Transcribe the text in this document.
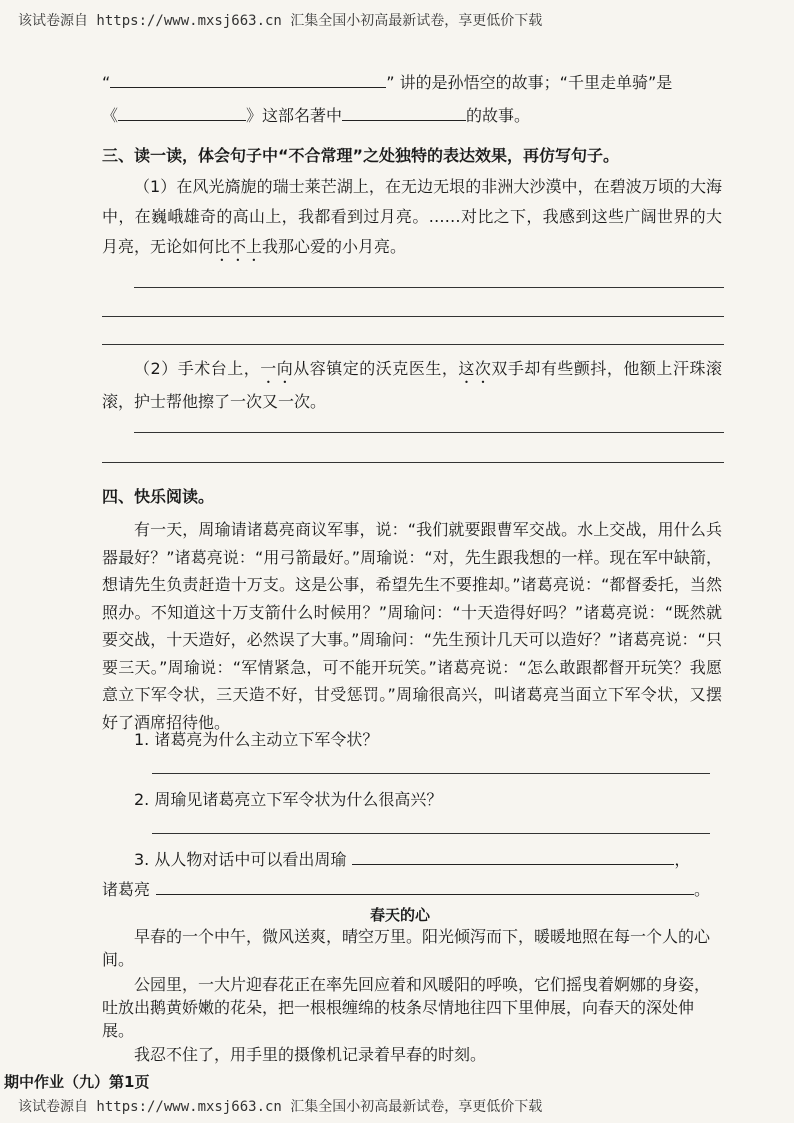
该试卷源自 https://www.mxsj663.cn 汇集全国小初高最新试卷，享更低价下载
“	” 讲的是孙悟空的故事；“千里走单骑”是
《	》这部名著中	的故事。
三、读一读，体会句子中“不合常理”之处独特的表达效果，再仿写句子。
（1）在风光旖旎的瑞士莱芒湖上，在无边无垠的非洲大沙漠中，在碧波万顷的大海中，在巍峨雄奇的高山上，我都看到过月亮。……对比之下，我感到这些广阔世界的大月亮，无论如何比不上我那心爱的小月亮。
（2）手术台上，一向从容镇定的沃克医生，这次双手却有些颤抖，他额上汗珠滚滚，护士帮他擦了一次又一次。
四、快乐阅读。
有一天，周瑜请诸葛亮商议军事，说：“我们就要跟曹军交战。水上交战，用什么兵器最好？”诸葛亮说：“用弓箭最好。”周瑜说：“对，先生跟我想的一样。现在军中缺箭，想请先生负责赶造十万支。这是公事，希望先生不要推却。”诸葛亮说：“都督委托，当然照办。不知道这十万支箭什么时候用？”周瑜问：“十天造得好吗？”诸葛亮说：“既然就要交战，十天造好，必然误了大事。”周瑜问：“先生预计几天可以造好？”诸葛亮说：“只要三天。”周瑜说：“军情紧急，可不能开玩笑。”诸葛亮说：“怎么敢跟都督开玩笑？我愿意立下军令状，三天造不好，甘受惩罚。”周瑜很高兴，叫诸葛亮当面立下军令状，又摆好了酒席招待他。
1. 诸葛亮为什么主动立下军令状？
2. 周瑜见诸葛亮立下军令状为什么很高兴？
3. 从人物对话中可以看出周瑜	，
诸葛亮	。
春天的心
早春的一个中午，微风送爽，晴空万里。阳光倾泻而下，暖暖地照在每一个人的心间。
公园里，一大片迎春花正在率先回应着和风暖阳的呼唤，它们摇曳着婀娜的身姿，吐放出鹅黄娇嫩的花朵，把一根根缠绵的枝条尽情地往四下里伸展，向春天的深处伸展。
我忍不住了，用手里的摄像机记录着早春的时刻。
期中作业（九）第1页
该试卷源自 https://www.mxsj663.cn 汇集全国小初高最新试卷，享更低价下载
